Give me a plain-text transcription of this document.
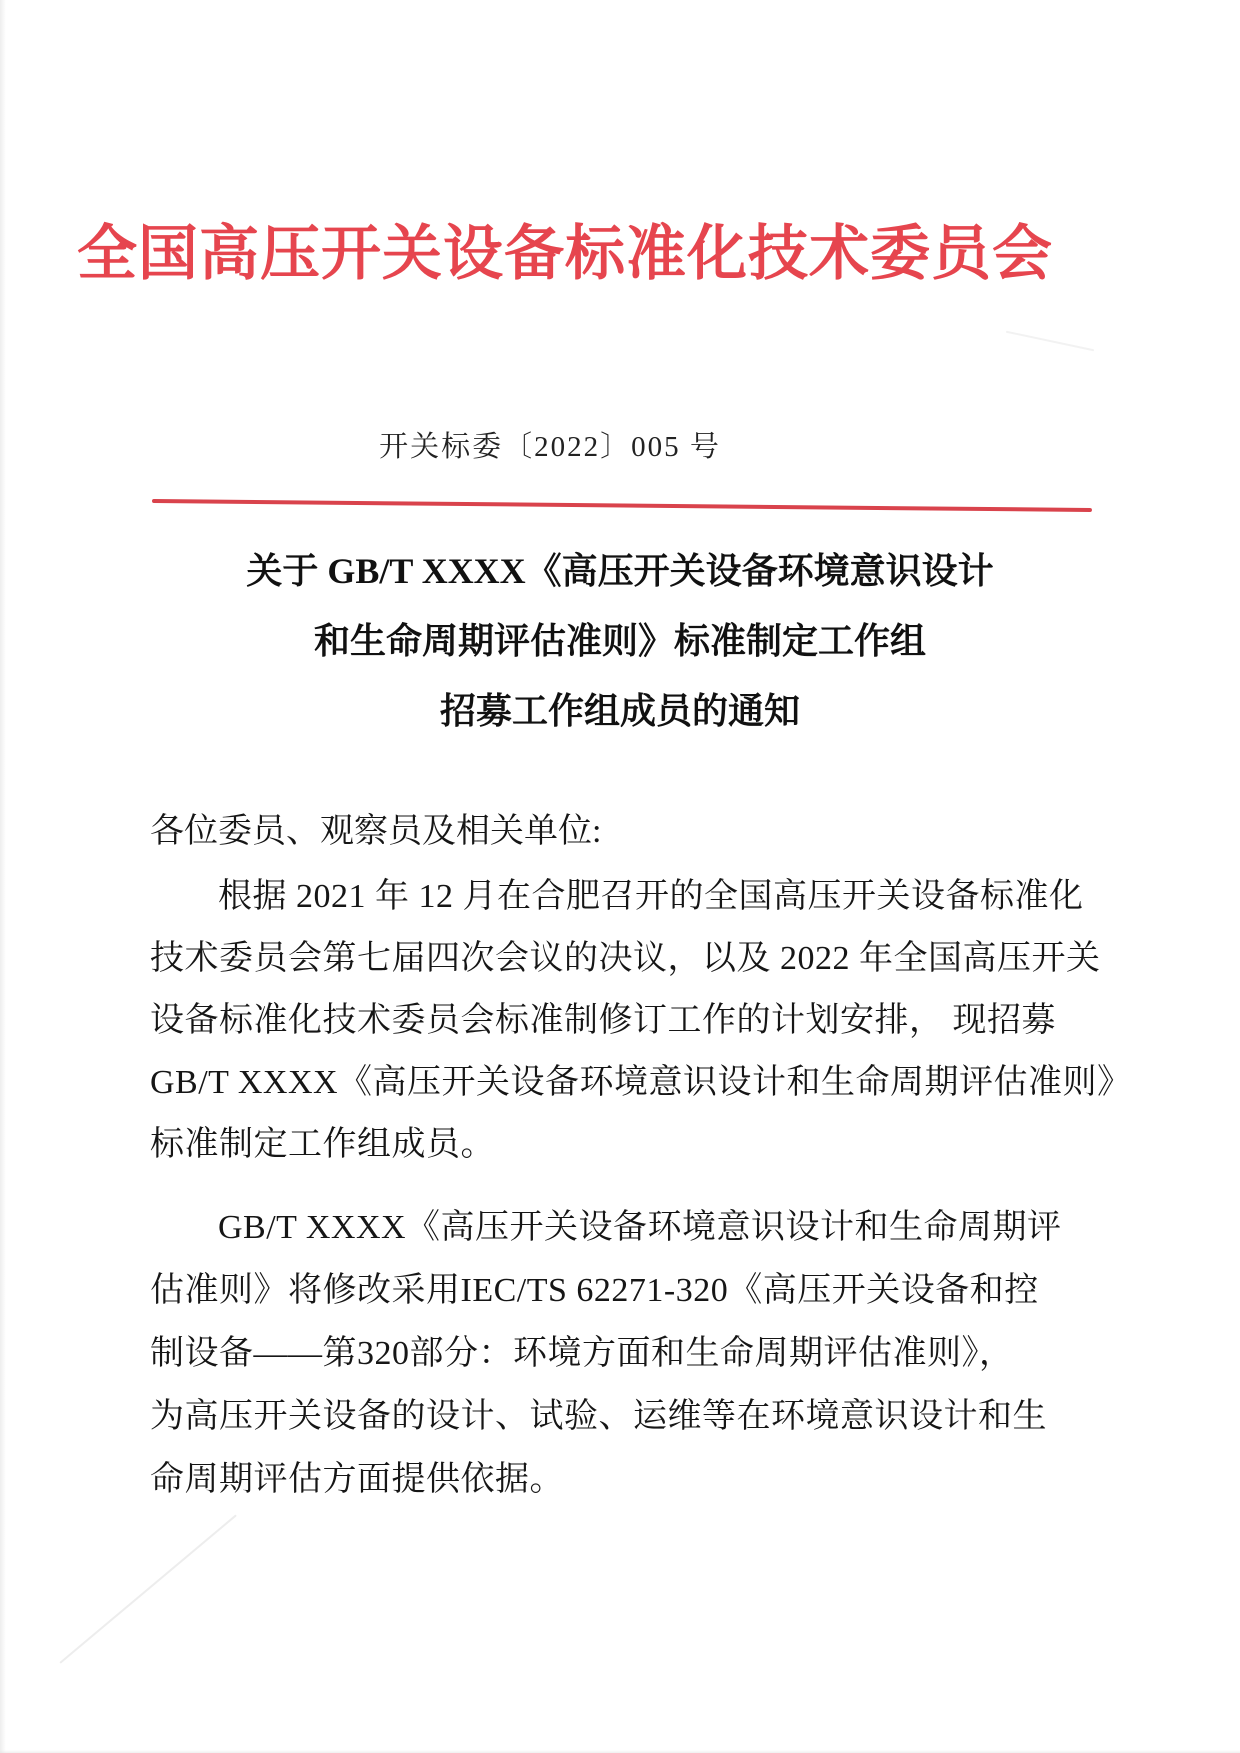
全国高压开关设备标准化技术委员会
开关标委〔2022〕005 号
关于 GB/T XXXX《高压开关设备环境意识设计
和生命周期评估准则》标准制定工作组
招募工作组成员的通知
各位委员、观察员及相关单位:
根据 2021 年 12 月在合肥召开的全国高压开关设备标准化
技术委员会第七届四次会议的决议，以及 2022 年全国高压开关
设备标准化技术委员会标准制修订工作的计划安排， 现招募
GB/T XXXX《高压开关设备环境意识设计和生命周期评估准则》
标准制定工作组成员。
GB/T XXXX《高压开关设备环境意识设计和生命周期评
估准则》将修改采用IEC/TS 62271-320《高压开关设备和控
制设备——第320部分：环境方面和生命周期评估准则》，
为高压开关设备的设计、试验、运维等在环境意识设计和生
命周期评估方面提供依据。
